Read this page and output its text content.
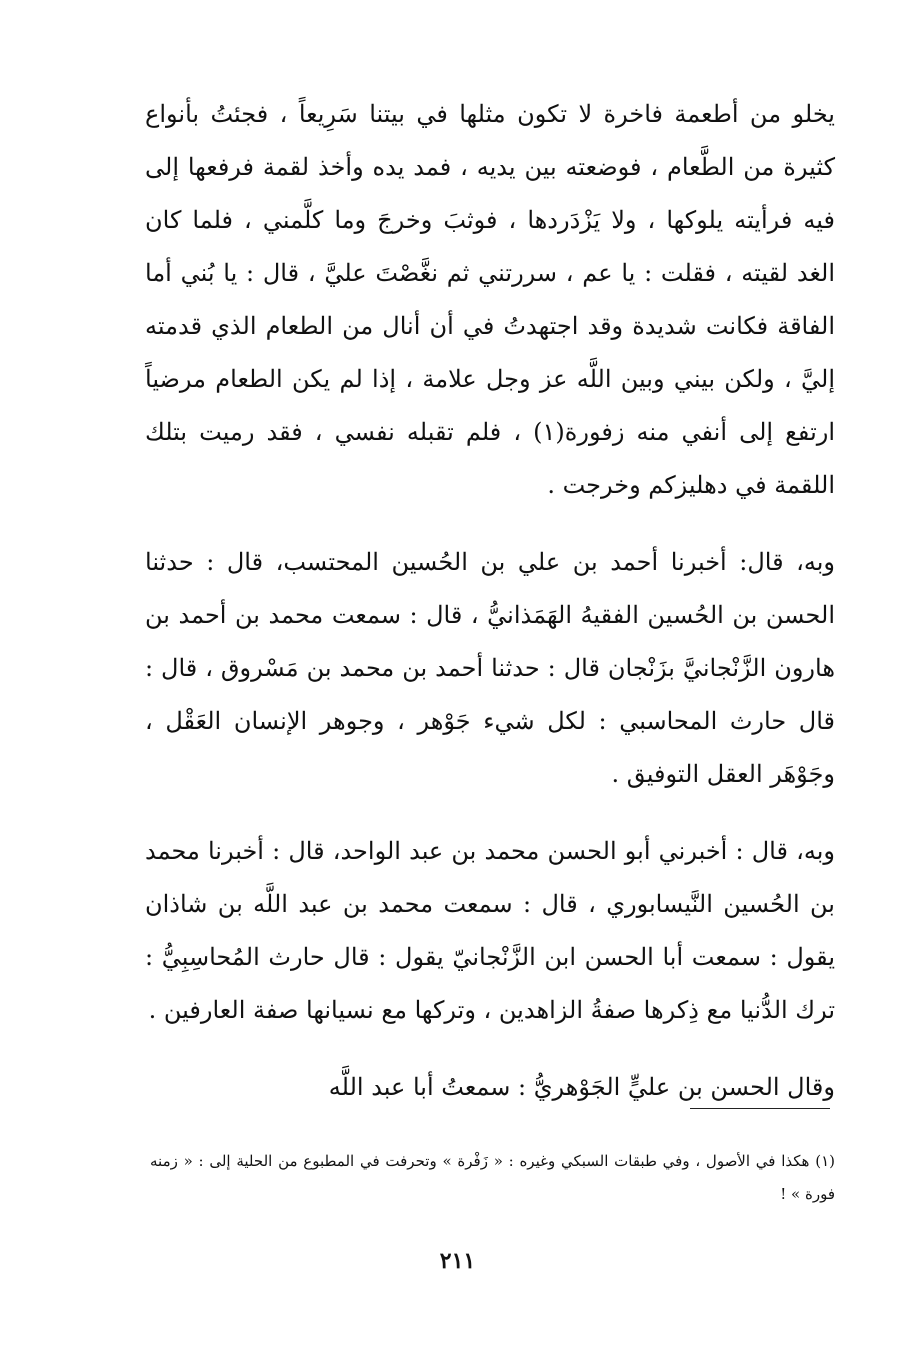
يخلو من أطعمة فاخرة لا تكون مثلها في بيتنا سَرِيعاً ، فجئتُ بأنواع كثيرة من الطَّعام ، فوضعته بين يديه ، فمد يده وأخذ لقمة فرفعها إلى فيه فرأيته يلوكها ، ولا يَزْدَردها ، فوثبَ وخرجَ وما كلَّمني ، فلما كان الغد لقيته ، فقلت : يا عم ، سررتني ثم نغَّصْتَ عليَّ ، قال : يا بُني أما الفاقة فكانت شديدة وقد اجتهدتُ في أن أنال من الطعام الذي قدمته إليَّ ، ولكن بيني وبين اللَّه عز وجل علامة ، إذا لم يكن الطعام مرضياً ارتفع إلى أنفي منه زفورة(١) ، فلم تقبله نفسي ، فقد رميت بتلك اللقمة في دهليزكم وخرجت .

وبه، قال: أخبرنا أحمد بن علي بن الحُسين المحتسب، قال : حدثنا الحسن بن الحُسين الفقيهُ الهَمَذانيُّ ، قال : سمعت محمد بن أحمد بن هارون الزَّنْجانيَّ بزَنْجان قال : حدثنا أحمد بن محمد بن مَسْروق ، قال : قال حارث المحاسبي : لكل شيء جَوْهر ، وجوهر الإنسان العَقْل ، وجَوْهَر العقل التوفيق .

وبه، قال : أخبرني أبو الحسن محمد بن عبد الواحد، قال : أخبرنا محمد بن الحُسين النَّيسابوري ، قال : سمعت محمد بن عبد اللَّه بن شاذان يقول : سمعت أبا الحسن ابن الزَّنْجانيّ يقول : قال حارث المُحاسِبِيُّ : ترك الدُّنيا مع ذِكرها صفةُ الزاهدين ، وتركها مع نسيانها صفة العارفين .

وقال الحسن بن عليٍّ الجَوْهريُّ : سمعتُ أبا عبد اللَّه

(١) هكذا في الأصول ، وفي طبقات السبكي وغيره : « زَفْرة » وتحرفت في المطبوع من الحلية إلى : « زمنه فورة » !

٢١١
